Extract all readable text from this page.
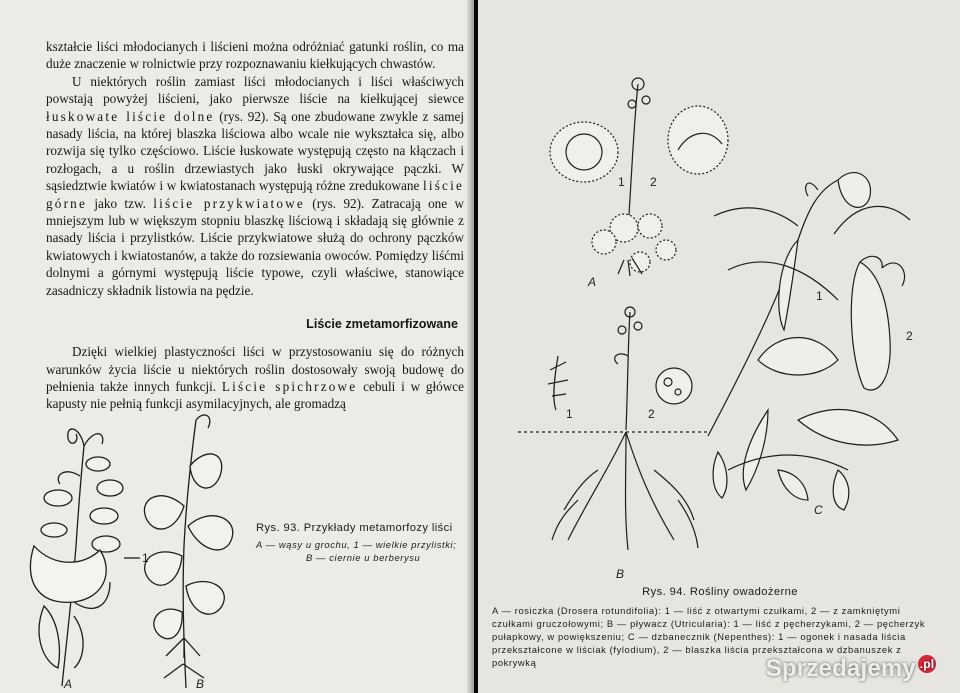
kształcie liści młodocianych i liścieni można odróżniać gatunki roślin, co ma duże znaczenie w rolnictwie przy rozpoznawaniu kiełkujących chwastów.

U niektórych roślin zamiast liści młodocianych i liści właściwych powstają powyżej liścieni, jako pierwsze liście na kiełkującej siewce łuskowate liście dolne (rys. 92). Są one zbudowane zwykle z samej nasady liścia, na której blaszka liściowa albo wcale nie wykształca się, albo rozwija się tylko częściowo. Liście łuskowate występują często na kłączach i rozłogach, a u roślin drzewiastych jako łuski okrywające pączki. W sąsiedztwie kwiatów i w kwiatostanach występują różne zredukowane liście górne jako tzw. liście przykwiatowe (rys. 92). Zatracają one w mniejszym lub w większym stopniu blaszkę liściową i składają się głównie z nasady liścia i przylistków. Liście przykwiatowe służą do ochrony pączków kwiatowych i kwiatostanów, a także do rozsiewania owoców. Pomiędzy liśćmi dolnymi a górnymi występują liście typowe, czyli właściwe, stanowiące zasadniczy składnik listowia na pędzie.

Liście zmetamorfizowane

Dzięki wielkiej plastyczności liści w przystosowaniu się do różnych warunków życia liście u niektórych roślin dostosowały swoją budowę do pełnienia także innych funkcji. Liście spichrzowe cebuli i w główce kapusty nie pełnią funkcji asymilacyjnych, ale gromadzą

A	B
1
Rys. 93. Przykłady metamorfozy liści
A — wąsy u grochu, 1 — wielkie przylistki;
B — ciernie u berberysu
A
B
C
1 2
1	2
1
2
Rys. 94. Rośliny owadożerne
A — rosiczka (Drosera rotundifolia): 1 — liść z otwartymi czułkami, 2 — z zamkniętymi
czułkami gruczołowymi; B — pływacz (Utricularia): 1 — liść z pęcherzykami, 2 — pęcherzyk
pułapkowy, w powiększeniu; C — dzbanecznik (Nepenthes): 1 — ogonek i nasada liścia
przekształcone w liściak (fylodium), 2 — blaszka liścia przekształcona w dzbanuszek z pokrywką	Sprzedajemy .pl
